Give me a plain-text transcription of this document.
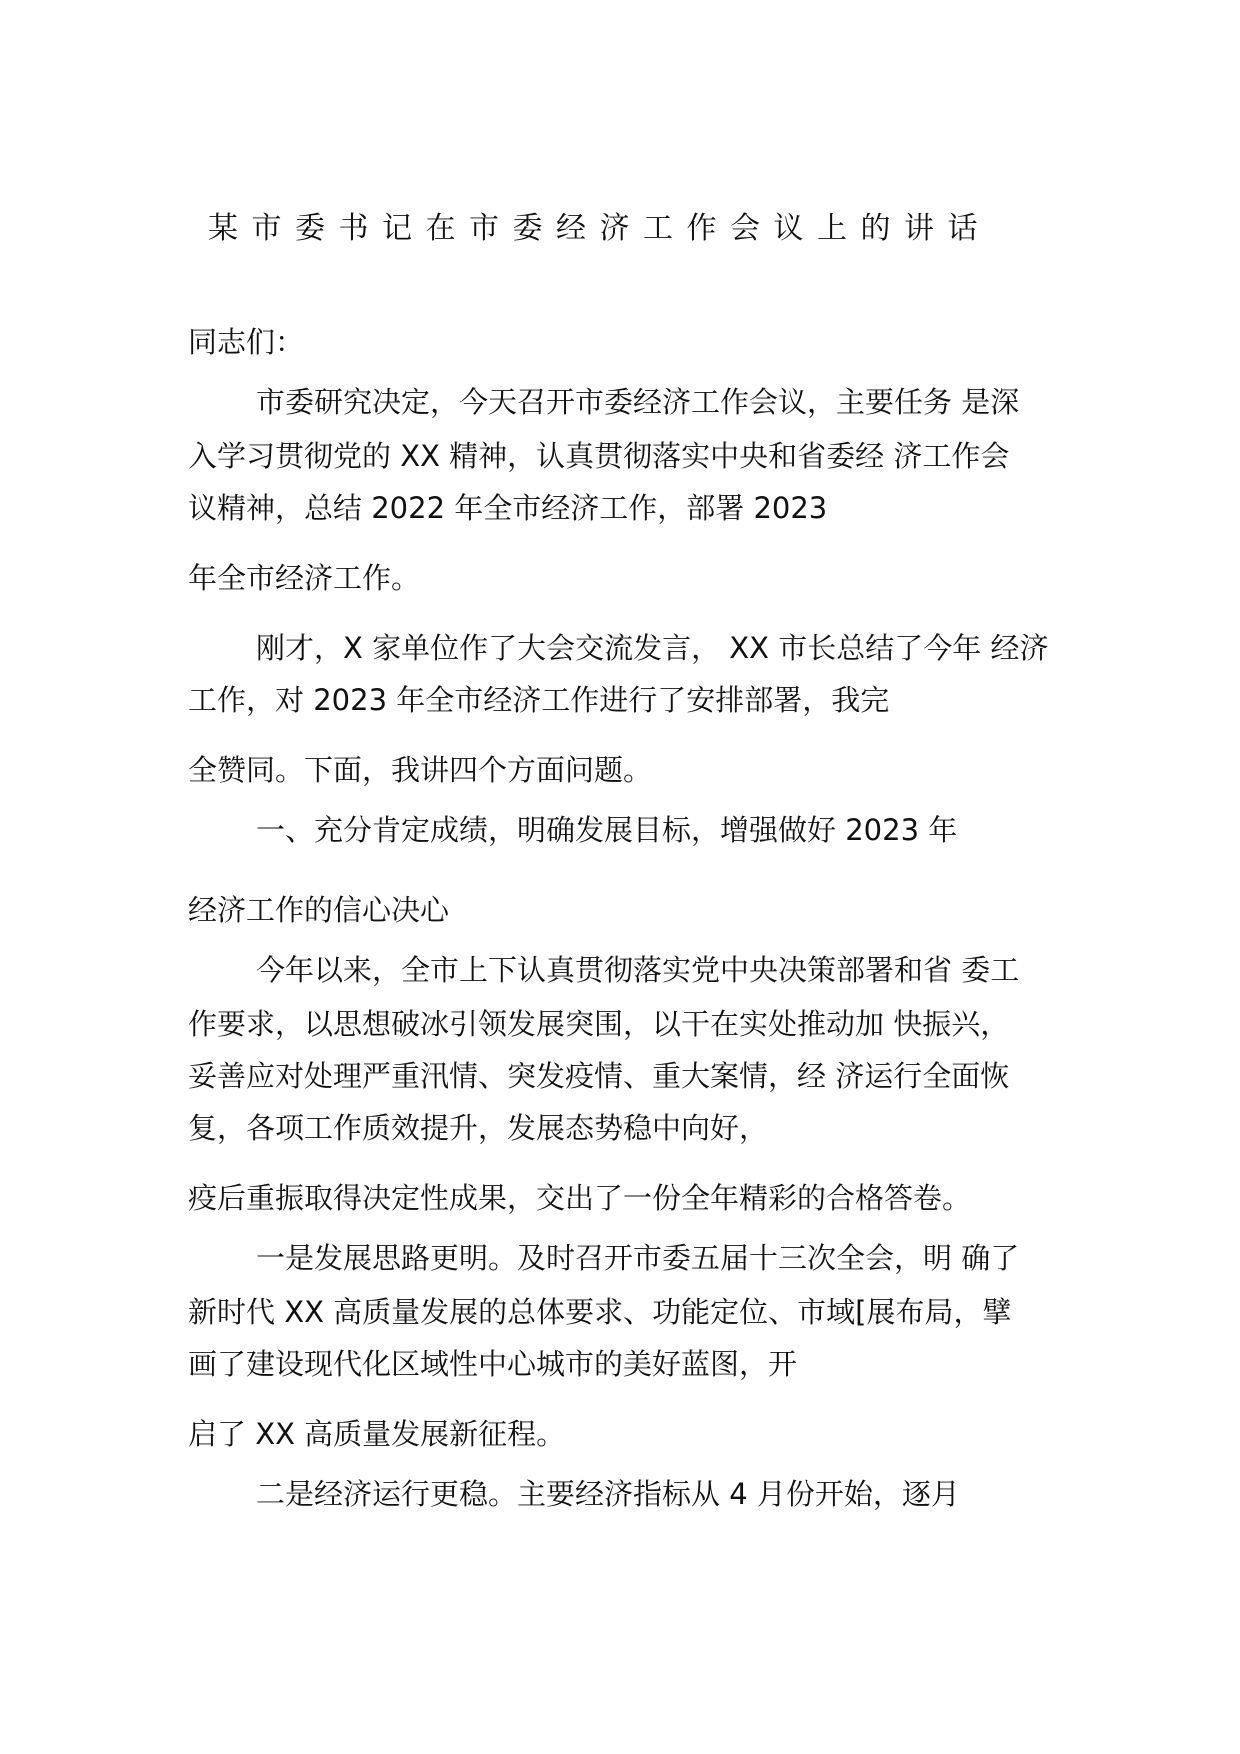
某市委书记在市委经济工作会议上的讲话

同志们：

市委研究决定，今天召开市委经济工作会议，主要任务 是深

入学习贯彻党的 XX 精神，认真贯彻落实中央和省委经 济工作会

议精神，总结 2022 年全市经济工作，部署 2023

年全市经济工作。

刚才，X 家单位作了大会交流发言， XX 市长总结了今年 经济

工作，对 2023 年全市经济工作进行了安排部署，我完

全赞同。下面，我讲四个方面问题。

一、充分肯定成绩，明确发展目标，增强做好 2023 年

经济工作的信心决心

今年以来，全市上下认真贯彻落实党中央决策部署和省 委工

作要求，以思想破冰引领发展突围，以干在实处推动加 快振兴，

妥善应对处理严重汛情、突发疫情、重大案情，经 济运行全面恢

复，各项工作质效提升，发展态势稳中向好，

疫后重振取得决定性成果，交出了一份全年精彩的合格答卷。

一是发展思路更明。及时召开市委五届十三次全会，明 确了

新时代 XX 高质量发展的总体要求、功能定位、市域[展布局，擘

画了建设现代化区域性中心城市的美好蓝图，开

启了 XX 高质量发展新征程。

二是经济运行更稳。主要经济指标从 4 月份开始，逐月
